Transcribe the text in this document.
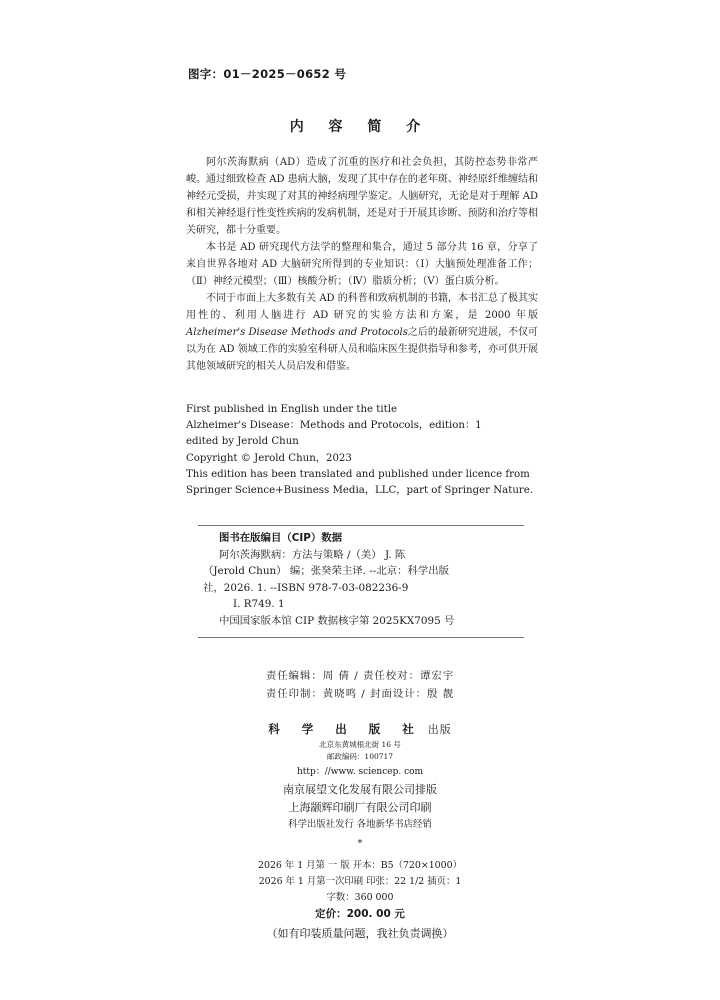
图字：01－2025－0652 号
内 容 简 介

阿尔茨海默病（AD）造成了沉重的医疗和社会负担，其防控态势非常严峻。通过细致检查 AD 患病大脑，发现了其中存在的老年斑、神经原纤维缠结和神经元受损，并实现了对其的神经病理学鉴定。人脑研究，无论是对于理解 AD 和相关神经退行性变性疾病的发病机制，还是对于开展其诊断、预防和治疗等相关研究，都十分重要。

本书是 AD 研究现代方法学的整理和集合，通过 5 部分共 16 章，分享了来自世界各地对 AD 大脑研究所得到的专业知识：（Ⅰ）大脑预处理准备工作；（Ⅱ）神经元模型；（Ⅲ）核酸分析；（Ⅳ）脂质分析；（Ⅴ）蛋白质分析。

不同于市面上大多数有关 AD 的科普和致病机制的书籍，本书汇总了极其实用性的、利用人脑进行 AD 研究的实验方法和方案，是 2000 年版Alzheimer's Disease Methods and Protocols之后的最新研究进展，不仅可以为在 AD 领域工作的实验室科研人员和临床医生提供指导和参考，亦可供开展其他领域研究的相关人员启发和借鉴。

First published in English under the title
Alzheimer's Disease：Methods and Protocols，edition：1
edited by Jerold Chun
Copyright © Jerold Chun，2023
This edition has been translated and published under licence from
Springer Science+Business Media，LLC，part of Springer Nature.
图书在版编目（CIP）数据
阿尔茨海默病：方法与策略 /（美） J. 陈
（Jerold Chun） 编；张癸荣主译. --北京：科学出版
社，2026. 1. --ISBN 978-7-03-082236-9
Ⅰ. R749. 1
中国国家版本馆 CIP 数据核字第 2025KX7095 号
责任编辑：周 倩 / 责任校对：谭宏宇
责任印制：黄晓鸣 / 封面设计：殷 靓
科 学 出 版 社 出版
北京东黄城根北街 16 号
邮政编码：100717
http：//www. sciencep. com
南京展望文化发展有限公司排版
上海颛辉印刷厂有限公司印刷
科学出版社发行 各地新华书店经销
*
2026 年 1 月第 一 版 开本：B5（720×1000）
2026 年 1 月第一次印刷 印张：22 1/2 插页：1
字数：360 000
定价：200. 00 元
（如有印装质量问题，我社负责调换）
